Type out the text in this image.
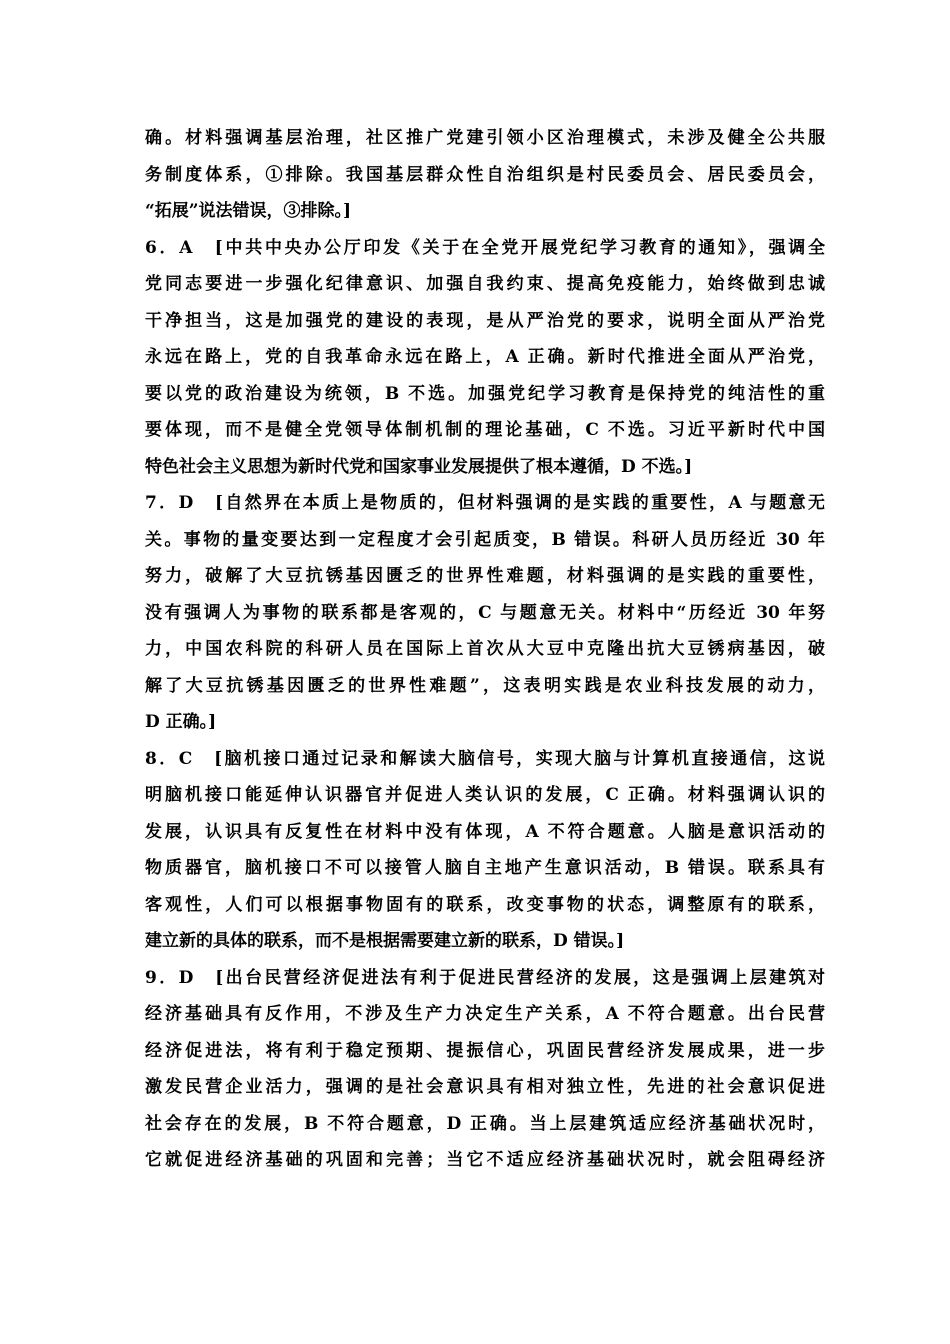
确。材料强调基层治理，社区推广党建引领小区治理模式，未涉及健全公共服
务制度体系，①排除。我国基层群众性自治组织是村民委员会、居民委员会，
“拓展”说法错误，③排除。]
6．A　[中共中央办公厅印发《关于在全党开展党纪学习教育的通知》，强调全
党同志要进一步强化纪律意识、加强自我约束、提高免疫能力，始终做到忠诚
干净担当，这是加强党的建设的表现，是从严治党的要求，说明全面从严治党
永远在路上，党的自我革命永远在路上，A 正确。新时代推进全面从严治党，
要以党的政治建设为统领，B 不选。加强党纪学习教育是保持党的纯洁性的重
要体现，而不是健全党领导体制机制的理论基础，C 不选。习近平新时代中国
特色社会主义思想为新时代党和国家事业发展提供了根本遵循，D 不选。]
7．D　[自然界在本质上是物质的，但材料强调的是实践的重要性，A 与题意无
关。事物的量变要达到一定程度才会引起质变，B 错误。科研人员历经近 30 年
努力，破解了大豆抗锈基因匮乏的世界性难题，材料强调的是实践的重要性，
没有强调人为事物的联系都是客观的，C 与题意无关。材料中“历经近 30 年努
力，中国农科院的科研人员在国际上首次从大豆中克隆出抗大豆锈病基因，破
解了大豆抗锈基因匮乏的世界性难题”，这表明实践是农业科技发展的动力，
D 正确。]
8．C　[脑机接口通过记录和解读大脑信号，实现大脑与计算机直接通信，这说
明脑机接口能延伸认识器官并促进人类认识的发展，C 正确。材料强调认识的
发展，认识具有反复性在材料中没有体现，A 不符合题意。人脑是意识活动的
物质器官，脑机接口不可以接管人脑自主地产生意识活动，B 错误。联系具有
客观性，人们可以根据事物固有的联系，改变事物的状态，调整原有的联系，
建立新的具体的联系，而不是根据需要建立新的联系，D 错误。]
9．D　[出台民营经济促进法有利于促进民营经济的发展，这是强调上层建筑对
经济基础具有反作用，不涉及生产力决定生产关系，A 不符合题意。出台民营
经济促进法，将有利于稳定预期、提振信心，巩固民营经济发展成果，进一步
激发民营企业活力，强调的是社会意识具有相对独立性，先进的社会意识促进
社会存在的发展，B 不符合题意，D 正确。当上层建筑适应经济基础状况时，
它就促进经济基础的巩固和完善；当它不适应经济基础状况时，就会阻碍经济
